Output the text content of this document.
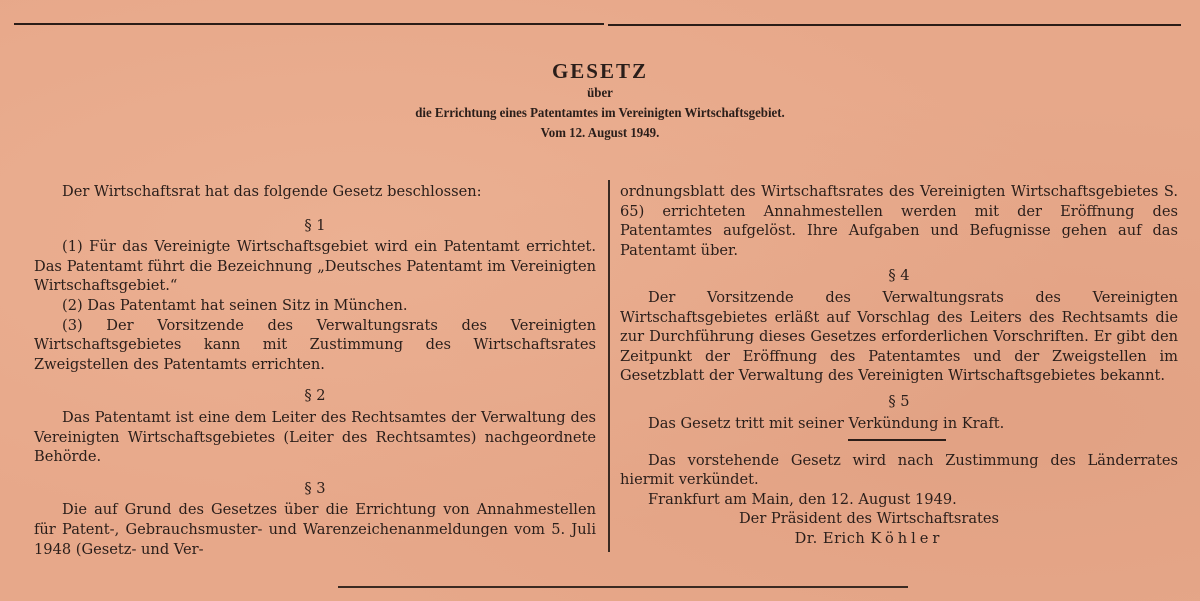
GESETZ
über
die Errichtung eines Patentamtes im Vereinigten Wirtschaftsgebiet.
Vom 12. August 1949.

Der Wirtschaftsrat hat das folgende Gesetz beschlossen:

§ 1

(1) Für das Vereinigte Wirtschaftsgebiet wird ein Patentamt errichtet. Das Patentamt führt die Bezeichnung „Deutsches Patentamt im Vereinigten Wirtschaftsgebiet.“

(2) Das Patentamt hat seinen Sitz in München.

(3) Der Vorsitzende des Verwaltungsrats des Vereinigten Wirtschaftsgebietes kann mit Zustimmung des Wirtschaftsrates Zweigstellen des Patentamts errichten.

§ 2

Das Patentamt ist eine dem Leiter des Rechtsamtes der Verwaltung des Vereinigten Wirtschaftsgebietes (Leiter des Rechtsamtes) nachgeordnete Behörde.

§ 3

Die auf Grund des Gesetzes über die Errichtung von Annahmestellen für Patent-, Gebrauchsmuster- und Warenzeichenanmeldungen vom 5. Juli 1948 (Gesetz- und Ver-

ordnungsblatt des Wirtschaftsrates des Vereinigten Wirtschaftsgebietes S. 65) errichteten Annahmestellen werden mit der Eröffnung des Patentamtes aufgelöst. Ihre Aufgaben und Befugnisse gehen auf das Patentamt über.

§ 4

Der Vorsitzende des Verwaltungsrats des Vereinigten Wirtschaftsgebietes erläßt auf Vorschlag des Leiters des Rechtsamts die zur Durchführung dieses Gesetzes erforderlichen Vorschriften. Er gibt den Zeitpunkt der Eröffnung des Patentamtes und der Zweigstellen im Gesetzblatt der Verwaltung des Vereinigten Wirtschaftsgebietes bekannt.

§ 5

Das Gesetz tritt mit seiner Verkündung in Kraft.

Das vorstehende Gesetz wird nach Zustimmung des Länderrates hiermit verkündet.

Frankfurt am Main, den 12. August 1949.

Der Präsident des Wirtschaftsrates

Dr. Erich Köhler
